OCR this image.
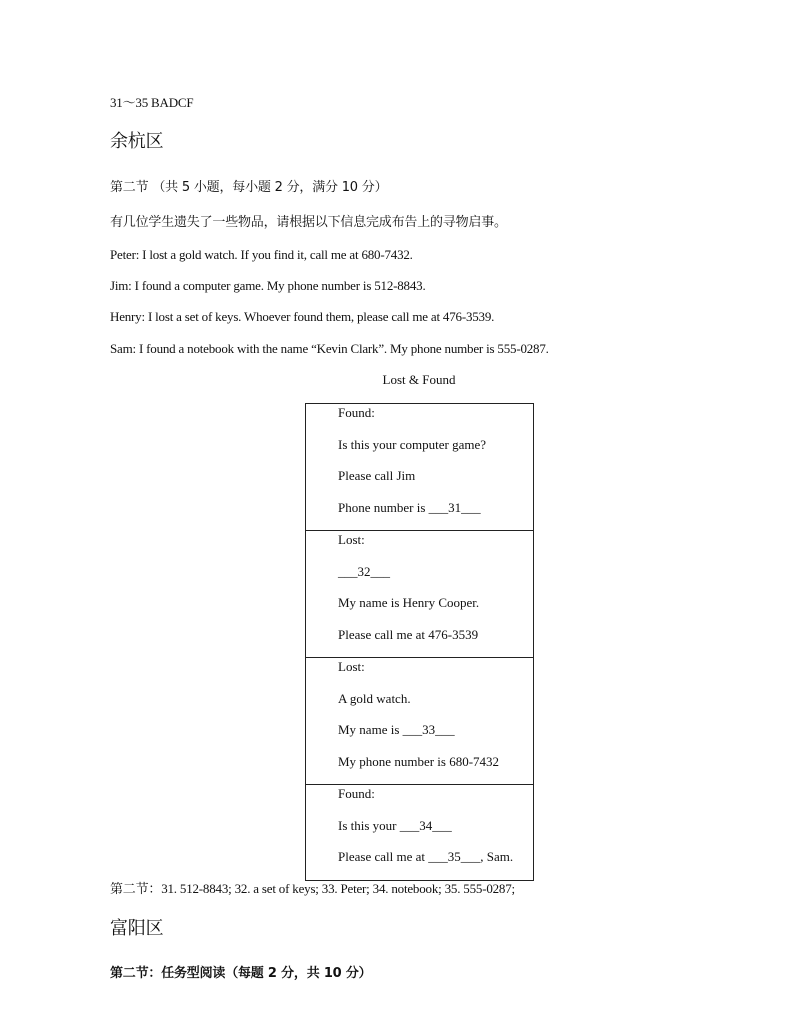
31～35 BADCF
余杭区
第二节 （共 5 小题，每小题 2 分，满分 10 分）
有几位学生遗失了一些物品，请根据以下信息完成布告上的寻物启事。
Peter: I lost a gold watch. If you find it, call me at 680-7432.
Jim: I found a computer game. My phone number is 512-8843.
Henry: I lost a set of keys. Whoever found them, please call me at 476-3539.
Sam: I found a notebook with the name “Kevin Clark”. My phone number is 555-0287.
Lost & Found
Found:
Is this your computer game?
Please call Jim
Phone number is ___31___

Lost:
___32___
My name is Henry Cooper.
Please call me at 476-3539

Lost:
A gold watch.
My name is ___33___
My phone number is 680-7432

Found:
Is this your ___34___
Please call me at ___35___, Sam.
第二节：31. 512-8843; 32. a set of keys; 33. Peter; 34. notebook; 35. 555-0287;
富阳区
第二节：任务型阅读（每题 2 分，共 10 分）
